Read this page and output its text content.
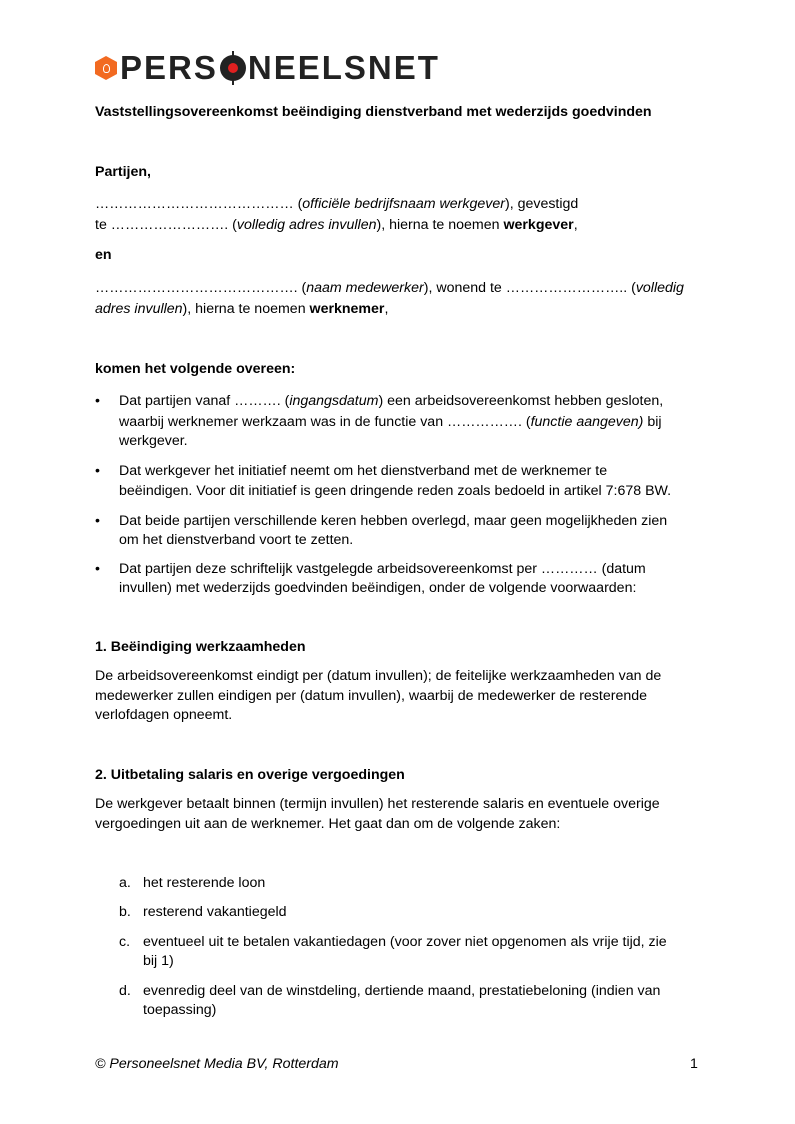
PERS NEELSNET
Vaststellingsovereenkomst beëindiging dienstverband met wederzijds goedvinden
Partijen,
…………………………………… (officiële bedrijfsnaam werkgever), gevestigd
te ……………………. (volledig adres invullen), hierna te noemen werkgever,
en
……………………………………. (naam medewerker), wonend te …………………….. (volledig
adres invullen), hierna te noemen werknemer,
komen het volgende overeen:
• Dat partijen vanaf ………. (ingangsdatum) een arbeidsovereenkomst hebben gesloten,
waarbij werknemer werkzaam was in de functie van ……………. (functie aangeven) bij
werkgever.
• Dat werkgever het initiatief neemt om het dienstverband met de werknemer te
beëindigen. Voor dit initiatief is geen dringende reden zoals bedoeld in artikel 7:678 BW.
• Dat beide partijen verschillende keren hebben overlegd, maar geen mogelijkheden zien
om het dienstverband voort te zetten.
• Dat partijen deze schriftelijk vastgelegde arbeidsovereenkomst per ………… (datum
invullen) met wederzijds goedvinden beëindigen, onder de volgende voorwaarden:
1. Beëindiging werkzaamheden
De arbeidsovereenkomst eindigt per (datum invullen); de feitelijke werkzaamheden van de
medewerker zullen eindigen per (datum invullen), waarbij de medewerker de resterende
verlofdagen opneemt.
2. Uitbetaling salaris en overige vergoedingen
De werkgever betaalt binnen (termijn invullen) het resterende salaris en eventuele overige
vergoedingen uit aan de werknemer. Het gaat dan om de volgende zaken:
a. het resterende loon
b. resterend vakantiegeld
c. eventueel uit te betalen vakantiedagen (voor zover niet opgenomen als vrije tijd, zie
bij 1)
d. evenredig deel van de winstdeling, dertiende maand, prestatiebeloning (indien van
toepassing)
© Personeelsnet Media BV, Rotterdam	1
